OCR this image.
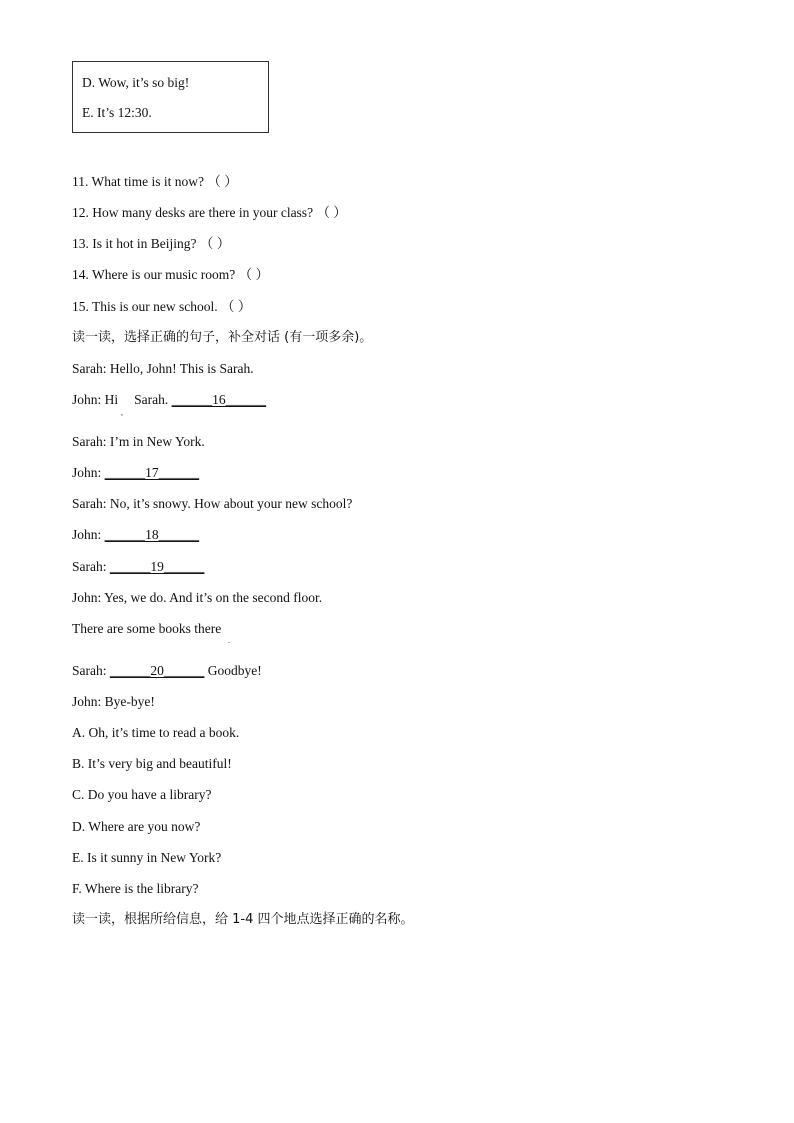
D. Wow, it’s so big!
E. It’s 12:30.
11. What time is it now? （ ）
12. How many desks are there in your class? （ ）
13. Is it hot in Beijing? （ ）
14. Where is our music room? （ ）
15. This is our new school. （ ）
读一读，选择正确的句子，补全对话 (有一项多余)。
Sarah: Hello, John! This is Sarah.
John: Hi Sarah. ______16______
,
Sarah: I’m in New York.
John: ______17______
Sarah: No, it’s snowy. How about your new school?
John: ______18______
Sarah: ______19______
John: Yes, we do. And it’s on the second floor.
There are some books there
.
Sarah: ______20______ Goodbye!
John: Bye-bye!
A. Oh, it’s time to read a book.
B. It’s very big and beautiful!
C. Do you have a library?
D. Where are you now?
E. Is it sunny in New York?
F. Where is the library?
读一读，根据所给信息，给 1-4 四个地点选择正确的名称。
